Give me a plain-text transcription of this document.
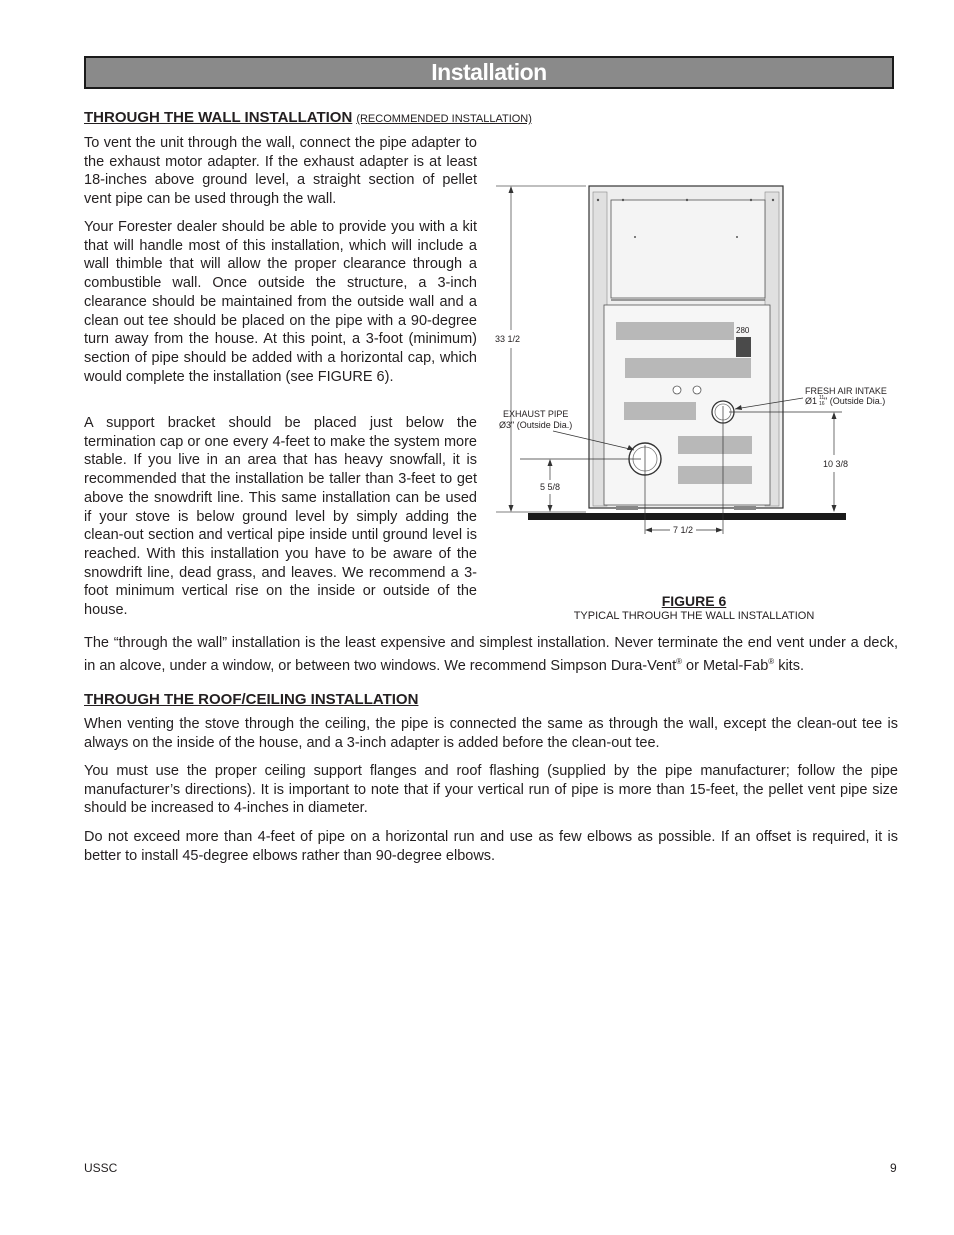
Installation
THROUGH THE WALL INSTALLATION (RECOMMENDED INSTALLATION)

To vent the unit through the wall, connect the pipe adapter to the exhaust motor adapter. If the exhaust adapter is at least 18-inches above ground level, a straight section of pellet vent pipe can be used through the wall.

Your Forester dealer should be able to provide you with a kit that will handle most of this installation, which will include a wall thimble that will allow the proper clearance through a combustible wall. Once outside the structure, a 3-inch clearance should be maintained from the outside wall and a clean out tee should be placed on the pipe with a 90-degree turn away from the house. At this point, a 3-foot (minimum) section of pipe should be added with a horizontal cap, which would complete the installation (see FIGURE 6).

A support bracket should be placed just below the termination cap or one every 4-feet to make the system more stable. If you live in an area that has heavy snowfall, it is recommended that the installation be taller than 3-feet to get above the snowdrift line. This same installation can be used if your stove is below ground level by simply adding the clean-out section and vertical pipe inside until ground level is reached. With this installation you have to be aware of the snowdrift line, dead grass, and leaves. We recommend a 3-foot minimum vertical rise on the inside or outside of the house.

33 1/2
280
EXHAUST PIPE
Ø3" (Outside Dia.)
FRESH AIR INTAKE
Ø1 11
16 " (Outside Dia.)
10 3/8
5 5/8
7 1/2
FIGURE 6
TYPICAL THROUGH THE WALL INSTALLATION

The “through the wall” installation is the least expensive and simplest installation. Never terminate the end vent under a deck, in an alcove, under a window, or between two windows. We recommend Simpson Dura-Vent® or Metal-Fab® kits.

THROUGH THE ROOF/CEILING INSTALLATION

When venting the stove through the ceiling, the pipe is connected the same as through the wall, except the clean-out tee is always on the inside of the house, and a 3-inch adapter is added before the clean-out tee.

You must use the proper ceiling support flanges and roof flashing (supplied by the pipe manufacturer; follow the pipe manufacturer’s directions). It is important to note that if your vertical run of pipe is more than 15-feet, the pellet vent pipe size should be increased to 4-inches in diameter.

Do not exceed more than 4-feet of pipe on a horizontal run and use as few elbows as possible. If an offset is required, it is better to install 45-degree elbows rather than 90-degree elbows.

USSC	9
